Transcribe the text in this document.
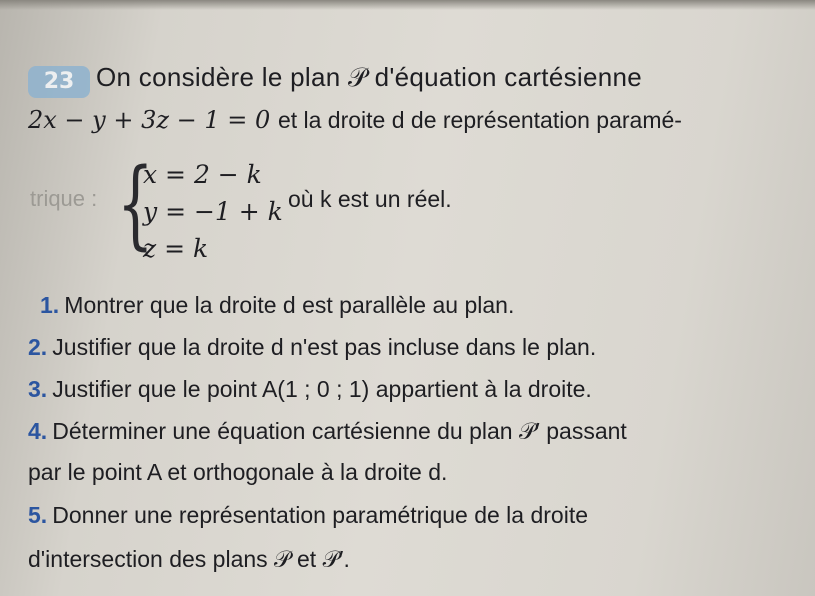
23 On considère le plan 𝒫 d'équation cartésienne
2x − y + 3z − 1 = 0 et la droite d de représentation paramé-
trique : {
x = 2 − k
y = −1 + k
z = k
où k est un réel.
1. Montrer que la droite d est parallèle au plan.
2. Justifier que la droite d n'est pas incluse dans le plan.
3. Justifier que le point A(1 ; 0 ; 1) appartient à la droite.
4. Déterminer une équation cartésienne du plan 𝒫′ passant
par le point A et orthogonale à la droite d.
5. Donner une représentation paramétrique de la droite
d'intersection des plans 𝒫 et 𝒫′.
